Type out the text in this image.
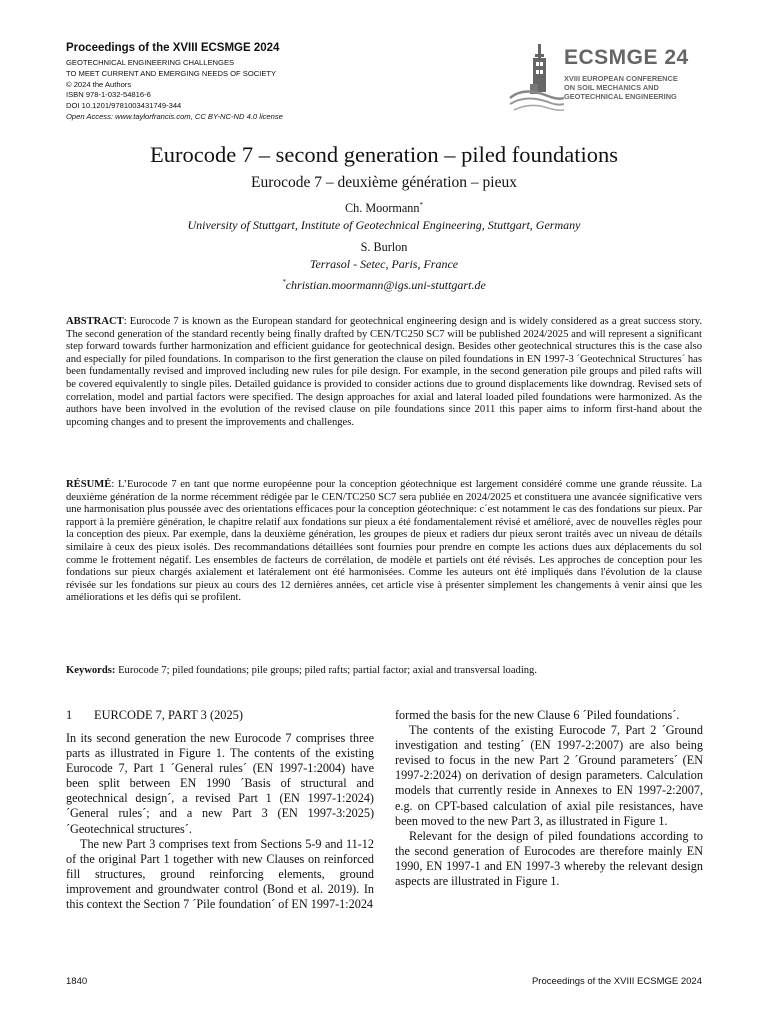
Proceedings of the XVIII ECSMGE 2024
GEOTECHNICAL ENGINEERING CHALLENGES
TO MEET CURRENT AND EMERGING NEEDS OF SOCIETY
© 2024 the Authors
ISBN 978-1-032-54816-6
DOI 10.1201/9781003431749-344
Open Access: www.taylorfrancis.com, CC BY-NC-ND 4.0 license
ECSMGE 24
XVIII EUROPEAN CONFERENCE
ON SOIL MECHANICS AND
GEOTECHNICAL ENGINEERING
Eurocode 7 – second generation – piled foundations
Eurocode 7 – deuxième génération – pieux
Ch. Moormann*
University of Stuttgart, Institute of Geotechnical Engineering, Stuttgart, Germany
S. Burlon
Terrasol - Setec, Paris, France
*christian.moormann@igs.uni-stuttgart.de
ABSTRACT: Eurocode 7 is known as the European standard for geotechnical engineering design and is widely considered as a great success story. The second generation of the standard recently being finally drafted by CEN/TC250 SC7 will be published 2024/2025 and will represent a significant step forward towards further harmonization and efficient guidance for geotechnical design. Besides other geotechnical structures this is the case also and especially for piled foundations. In comparison to the first generation the clause on piled foundations in EN 1997-3 ´Geotechnical Structures´ has been fundamentally revised and improved including new rules for pile design. For example, in the second generation pile groups and piled rafts will be covered equivalently to single piles. Detailed guidance is provided to consider actions due to ground displacements like downdrag. Revised sets of correlation, model and partial factors were specified. The design approaches for axial and lateral loaded piled foundations were harmonized. As the authors have been involved in the evolution of the revised clause on pile foundations since 2011 this paper aims to inform first-hand about the upcoming changes and to present the improvements and challenges.
RÉSUMÉ: L’Eurocode 7 en tant que norme européenne pour la conception géotechnique est largement considéré comme une grande réussite. La deuxième génération de la norme récemment rédigée par le CEN/TC250 SC7 sera publiée en 2024/2025 et constituera une avancée significative vers une harmonisation plus poussée avec des orientations efficaces pour la conception géotechnique: c´est notamment le cas des fondations sur pieux. Par rapport à la première génération, le chapitre relatif aux fondations sur pieux a été fondamentalement révisé et amélioré, avec de nouvelles règles pour la conception des pieux. Par exemple, dans la deuxième génération, les groupes de pieux et radiers dur pieux seront traités avec un niveau de détails similaire à ceux des pieux isolés. Des recommandations détaillées sont fournies pour prendre en compte les actions dues aux déplacements du sol comme le frottement négatif. Les ensembles de facteurs de corrélation, de modèle et partiels ont été révisés. Les approches de conception pour les fondations sur pieux chargés axialement et latéralement ont été harmonisées. Comme les auteurs ont été impliqués dans l'évolution de la clause révisée sur les fondations sur pieux au cours des 12 dernières années, cet article vise à présenter simplement les changements à venir ainsi que les améliorations et les défis qui se profilent.
Keywords: Eurocode 7; piled foundations; pile groups; piled rafts; partial factor; axial and transversal loading.
1 EURCODE 7, PART 3 (2025)

In its second generation the new Eurocode 7 comprises three parts as illustrated in Figure 1. The contents of the existing Eurocode 7, Part 1 ´General rules´ (EN 1997-1:2004) have been split between EN 1990 ´Basis of structural and geotechnical design´, a revised Part 1 (EN 1997-1:2024) ´General rules´; and a new Part 3 (EN 1997-3:2025) ´Geotechnical structures´.

The new Part 3 comprises text from Sections 5-9 and 11-12 of the original Part 1 together with new Clauses on reinforced fill structures, ground reinforcing elements, ground improvement and groundwater control (Bond et al. 2019). In this context the Section 7 ´Pile foundation´ of EN 1997-1:2024

formed the basis for the new Clause 6 ´Piled foundations´.

The contents of the existing Eurocode 7, Part 2 ´Ground investigation and testing´ (EN 1997-2:2007) are also being revised to focus in the new Part 2 ´Ground parameters´ (EN 1997-2:2024) on derivation of design parameters. Calculation models that currently reside in Annexes to EN 1997-2:2007, e.g. on CPT-based calculation of axial pile resistances, have been moved to the new Part 3, as illustrated in Figure 1.

Relevant for the design of piled foundations according to the second generation of Eurocodes are therefore mainly EN 1990, EN 1997-1 and EN 1997-3 whereby the relevant design aspects are illustrated in Figure 1.

1840	Proceedings of the XVIII ECSMGE 2024
